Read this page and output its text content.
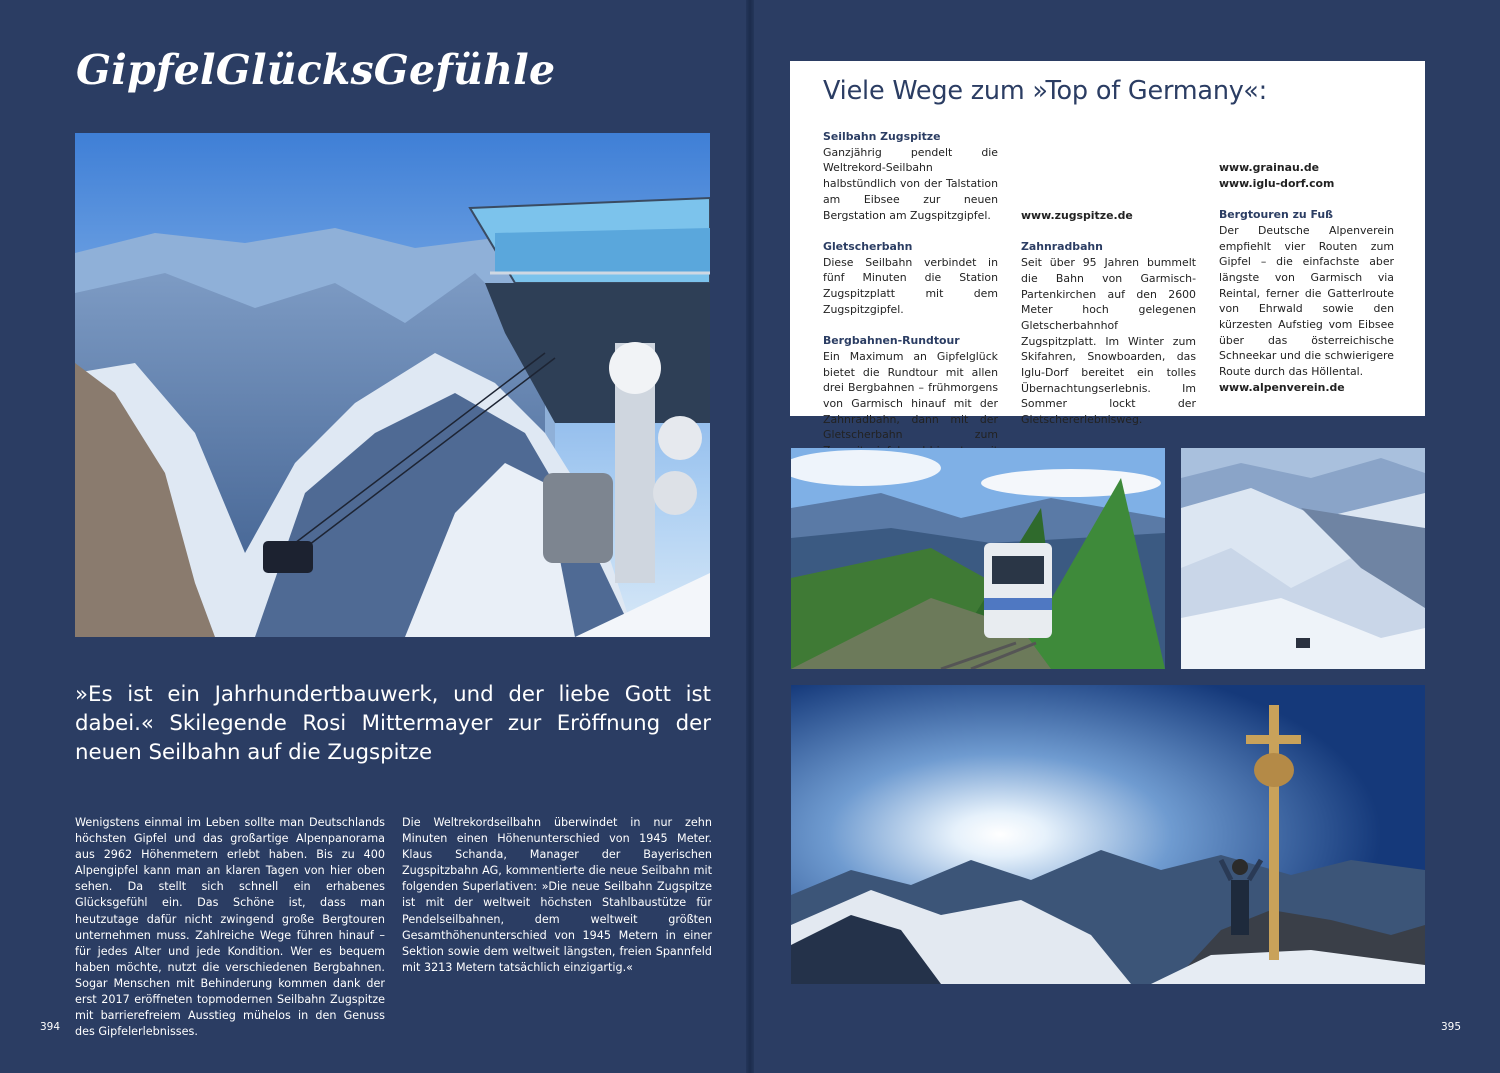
GipfelGlücksGefühle
»Es ist ein Jahrhundertbauwerk, und der liebe Gott ist dabei.« Skilegende Rosi Mittermayer zur Eröffnung der neuen Seilbahn auf die Zugspitze
Wenigstens einmal im Leben sollte man Deutschlands höchsten Gipfel und das großartige Alpenpanorama aus 2962 Höhenmetern erlebt haben. Bis zu 400 Alpengipfel kann man an klaren Tagen von hier oben sehen. Da stellt sich schnell ein erhabenes Glücksgefühl ein. Das Schöne ist, dass man heutzutage dafür nicht zwingend große Bergtouren unternehmen muss. Zahlreiche Wege führen hinauf – für jedes Alter und jede Kondition. Wer es bequem haben möchte, nutzt die verschiedenen Bergbahnen. Sogar Menschen mit Behinderung kommen dank der erst 2017 eröffneten topmodernen Seilbahn Zugspitze mit barrierefreiem Ausstieg mühelos in den Genuss des Gipfelerlebnisses.
Die Weltrekordseilbahn überwindet in nur zehn Minuten einen Höhenunterschied von 1945 Meter. Klaus Schanda, Manager der Bayerischen Zugspitzbahn AG, kommentierte die neue Seilbahn mit folgenden Superlativen: »Die neue Seilbahn Zugspitze ist mit der weltweit höchsten Stahlbaustütze für Pendelseilbahnen, dem weltweit größten Gesamthöhenunterschied von 1945 Metern in einer Sektion sowie dem weltweit längsten, freien Spannfeld mit 3213 Metern tatsächlich einzigartig.«
394
Viele Wege zum »Top of Germany«:
Seilbahn Zugspitze
Ganzjährig pendelt die Weltrekord-Seilbahn halbstündlich von der Talstation am Eibsee zur neuen Bergstation am Zugspitzgipfel.
Gletscherbahn
Diese Seilbahn verbindet in fünf Minuten die Station Zugspitzplatt mit dem Zugspitzgipfel.
Bergbahnen-Rundtour
Ein Maximum an Gipfelglück bietet die Rundtour mit allen drei Bergbahnen – frühmorgens von Garmisch hinauf mit der Zahnradbahn, dann mit der Gletscherbahn zum
www.zugspitze.de
Zahnradbahn
Seit über 95 Jahren bummelt die Bahn von Garmisch-Partenkirchen auf den 2600 Meter hoch gelegenen Gletscherbahnhof Zugspitzplatt. Im Winter zum Skifahren, Snowboarden, das Iglu-Dorf bereitet ein tolles Übernachtungserlebnis. Im Sommer lockt der Gletschererlebnisweg.
www.grainau.de
www.iglu-dorf.com
Bergtouren zu Fuß
Der Deutsche Alpenverein empfiehlt vier Routen zum Gipfel – die einfachste aber längste von Garmisch via Reintal, ferner die Gatterlroute von Ehrwald sowie den kürzesten Aufstieg vom Eibsee über das österreichische Schneekar und die schwierigere Route durch das Höllental.
www.alpenverein.de
395
